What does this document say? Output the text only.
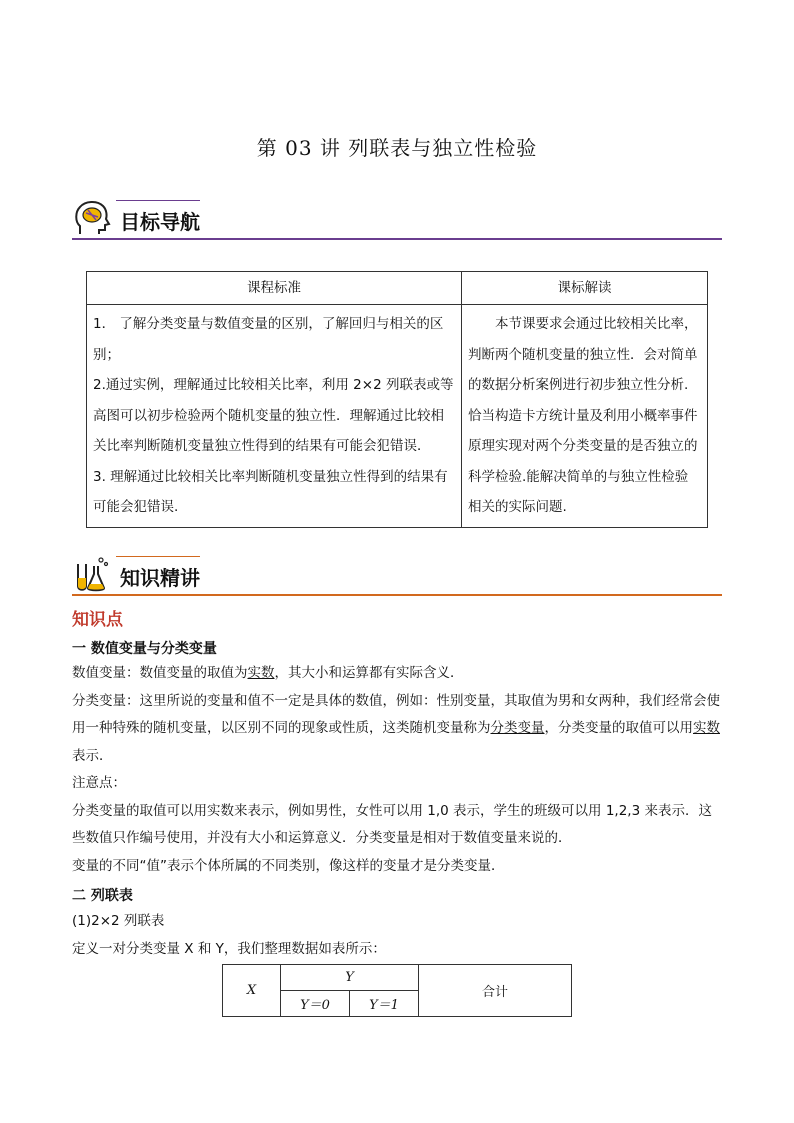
第 03 讲 列联表与独立性检验
目标导航
课程标准	课标解读

1． 了解分类变量与数值变量的区别，了解回归与相关的区别；

2.通过实例，理解通过比较相关比率，利用 2×2 列联表或等高图可以初步检验两个随机变量的独立性．理解通过比较相关比率判断随机变量独立性得到的结果有可能会犯错误．

3. 理解通过比较相关比率判断随机变量独立性得到的结果有可能会犯错误.	本节课要求会通过比较相关比率，判断两个随机变量的独立性．会对简单的数据分析案例进行初步独立性分析.恰当构造卡方统计量及利用小概率事件原理实现对两个分类变量的是否独立的科学检验.能解决简单的与独立性检验相关的实际问题.

知识精讲
知识点
一 数值变量与分类变量

数值变量：数值变量的取值为实数，其大小和运算都有实际含义．

分类变量：这里所说的变量和值不一定是具体的数值，例如：性别变量，其取值为男和女两种，我们经常会使用一种特殊的随机变量，以区别不同的现象或性质，这类随机变量称为分类变量，分类变量的取值可以用实数表示．

注意点：

分类变量的取值可以用实数来表示，例如男性，女性可以用 1,0 表示，学生的班级可以用 1,2,3 来表示．这些数值只作编号使用，并没有大小和运算意义．分类变量是相对于数值变量来说的．

变量的不同“值”表示个体所属的不同类别，像这样的变量才是分类变量．

二 列联表

(1)2×2 列联表

定义一对分类变量 X 和 Y，我们整理数据如表所示：

X	Y		合计
	Y＝0	Y＝1	
